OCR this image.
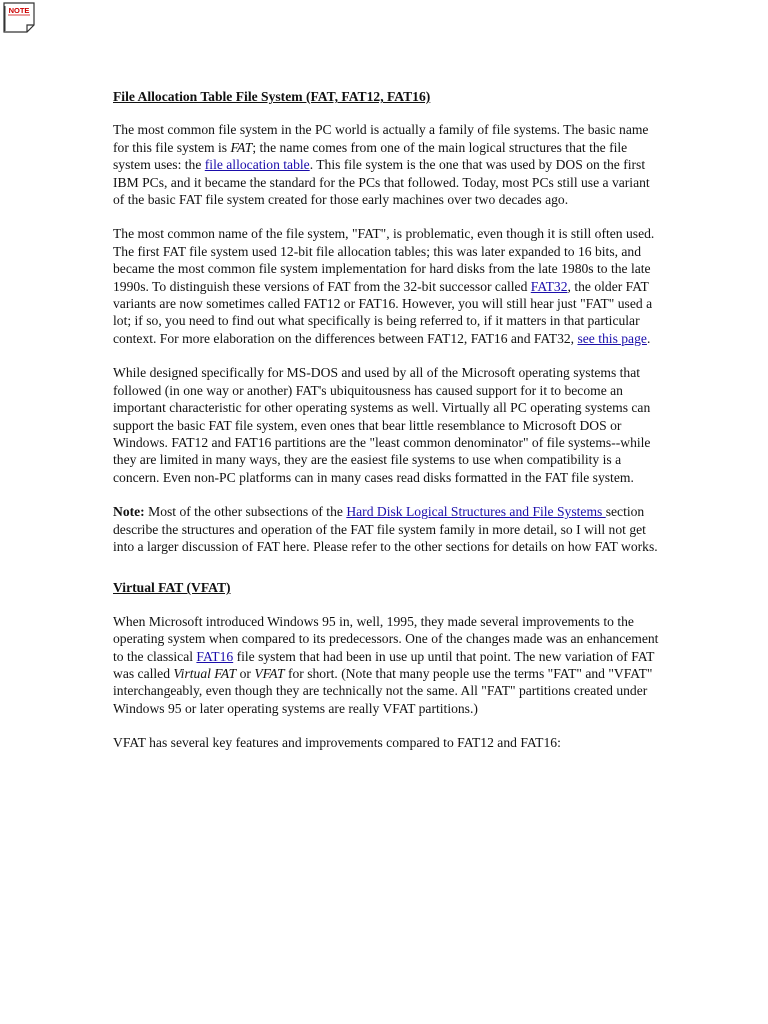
NOTE
File Allocation Table File System (FAT, FAT12, FAT16)

The most common file system in the PC world is actually a family of file systems. The basic name for this file system is FAT; the name comes from one of the main logical structures that the file system uses: the file allocation table. This file system is the one that was used by DOS on the first IBM PCs, and it became the standard for the PCs that followed. Today, most PCs still use a variant of the basic FAT file system created for those early machines over two decades ago.

The most common name of the file system, "FAT", is problematic, even though it is still often used. The first FAT file system used 12-bit file allocation tables; this was later expanded to 16 bits, and became the most common file system implementation for hard disks from the late 1980s to the late 1990s. To distinguish these versions of FAT from the 32-bit successor called FAT32, the older FAT variants are now sometimes called FAT12 or FAT16. However, you will still hear just "FAT" used a lot; if so, you need to find out what specifically is being referred to, if it matters in that particular context. For more elaboration on the differences between FAT12, FAT16 and FAT32, see this page.

While designed specifically for MS-DOS and used by all of the Microsoft operating systems that followed (in one way or another) FAT's ubiquitousness has caused support for it to become an important characteristic for other operating systems as well. Virtually all PC operating systems can support the basic FAT file system, even ones that bear little resemblance to Microsoft DOS or Windows. FAT12 and FAT16 partitions are the "least common denominator" of file systems--while they are limited in many ways, they are the easiest file systems to use when compatibility is a concern. Even non-PC platforms can in many cases read disks formatted in the FAT file system.

Note: Most of the other subsections of the Hard Disk Logical Structures and File Systems section describe the structures and operation of the FAT file system family in more detail, so I will not get into a larger discussion of FAT here. Please refer to the other sections for details on how FAT works.

Virtual FAT (VFAT)

When Microsoft introduced Windows 95 in, well, 1995, they made several improvements to the operating system when compared to its predecessors. One of the changes made was an enhancement to the classical FAT16 file system that had been in use up until that point. The new variation of FAT was called Virtual FAT or VFAT for short. (Note that many people use the terms "FAT" and "VFAT" interchangeably, even though they are technically not the same. All "FAT" partitions created under Windows 95 or later operating systems are really VFAT partitions.)

VFAT has several key features and improvements compared to FAT12 and FAT16:
